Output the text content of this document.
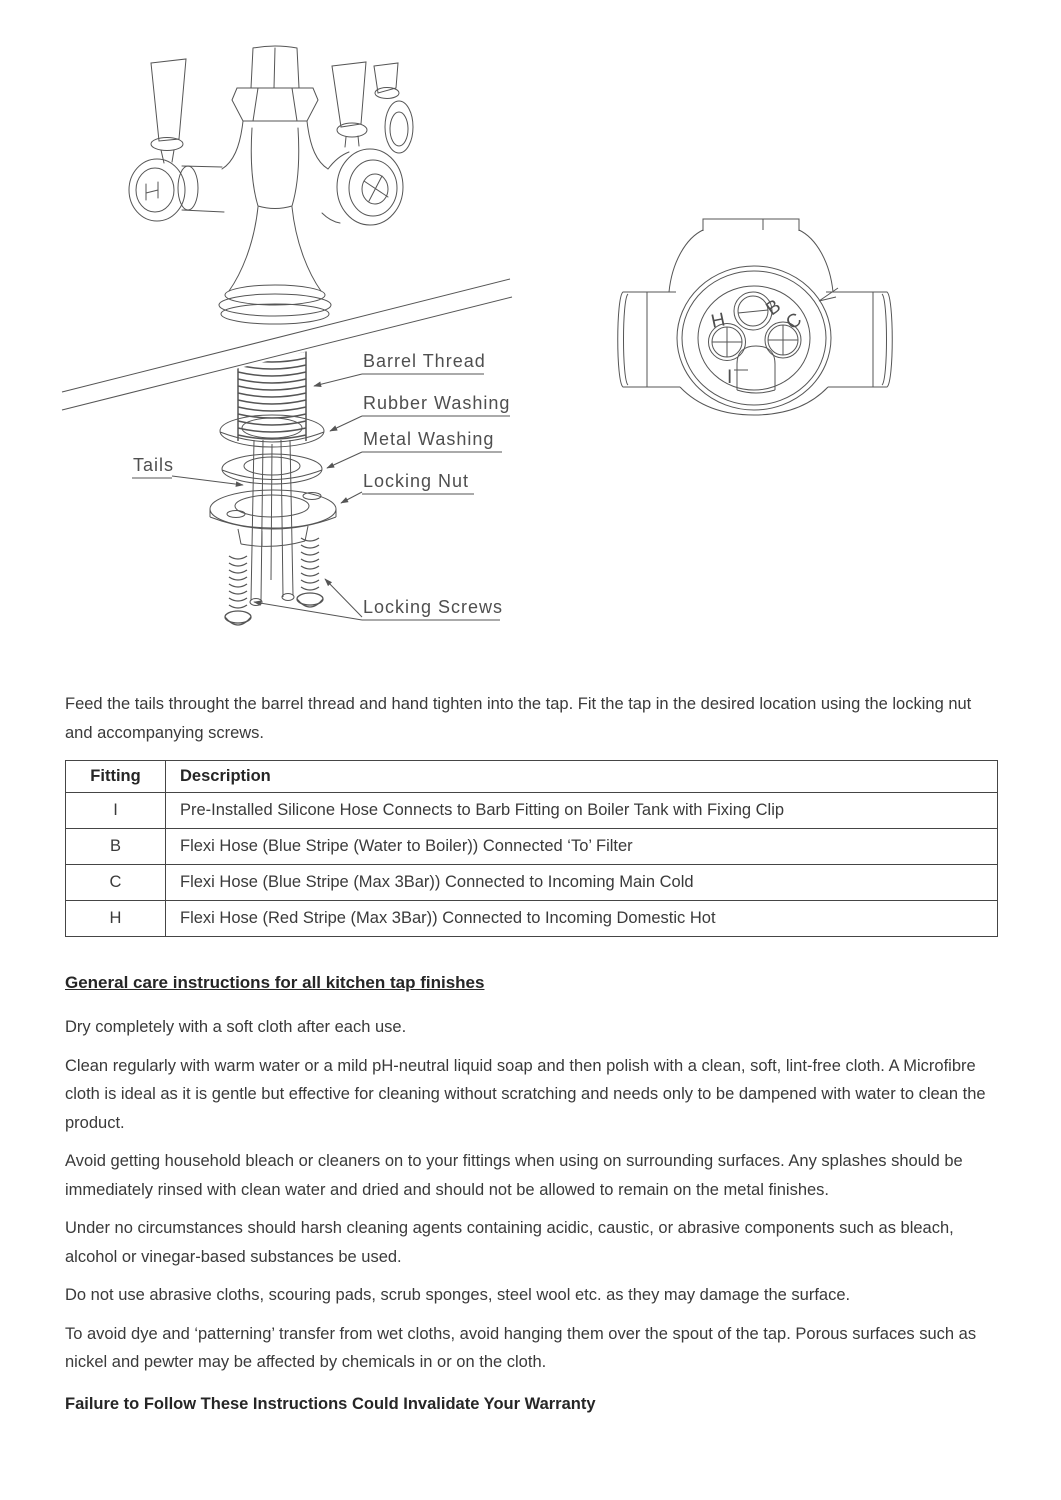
Barrel Thread
Rubber Washing
Metal Washing
Tails
Locking Nut
Locking Screws
H
B
C
I

Feed the tails throught the barrel thread and hand tighten into the tap. Fit the tap in the desired location using the locking nut and accompanying screws.

Fitting	Description
I	Pre-Installed Silicone Hose Connects to Barb Fitting on Boiler Tank with Fixing Clip
B	Flexi Hose (Blue Stripe (Water to Boiler)) Connected ‘To’ Filter
C	Flexi Hose (Blue Stripe (Max 3Bar)) Connected to Incoming Main Cold
H	Flexi Hose (Red Stripe (Max 3Bar)) Connected to Incoming Domestic Hot
General care instructions for all kitchen tap finishes

Dry completely with a soft cloth after each use.

Clean regularly with warm water or a mild pH-neutral liquid soap and then polish with a clean, soft, lint-free cloth. A Microfibre cloth is ideal as it is gentle but effective for cleaning without scratching and needs only to be dampened with water to clean the product.

Avoid getting household bleach or cleaners on to your fittings when using on surrounding surfaces. Any splashes should be immediately rinsed with clean water and dried and should not be allowed to remain on the metal finishes.

Under no circumstances should harsh cleaning agents containing acidic, caustic, or abrasive components such as bleach, alcohol or vinegar-based substances be used.

Do not use abrasive cloths, scouring pads, scrub sponges, steel wool etc. as they may damage the surface.

To avoid dye and ‘patterning’ transfer from wet cloths, avoid hanging them over the spout of the tap. Porous surfaces such as nickel and pewter may be affected by chemicals in or on the cloth.

Failure to Follow These Instructions Could Invalidate Your Warranty
